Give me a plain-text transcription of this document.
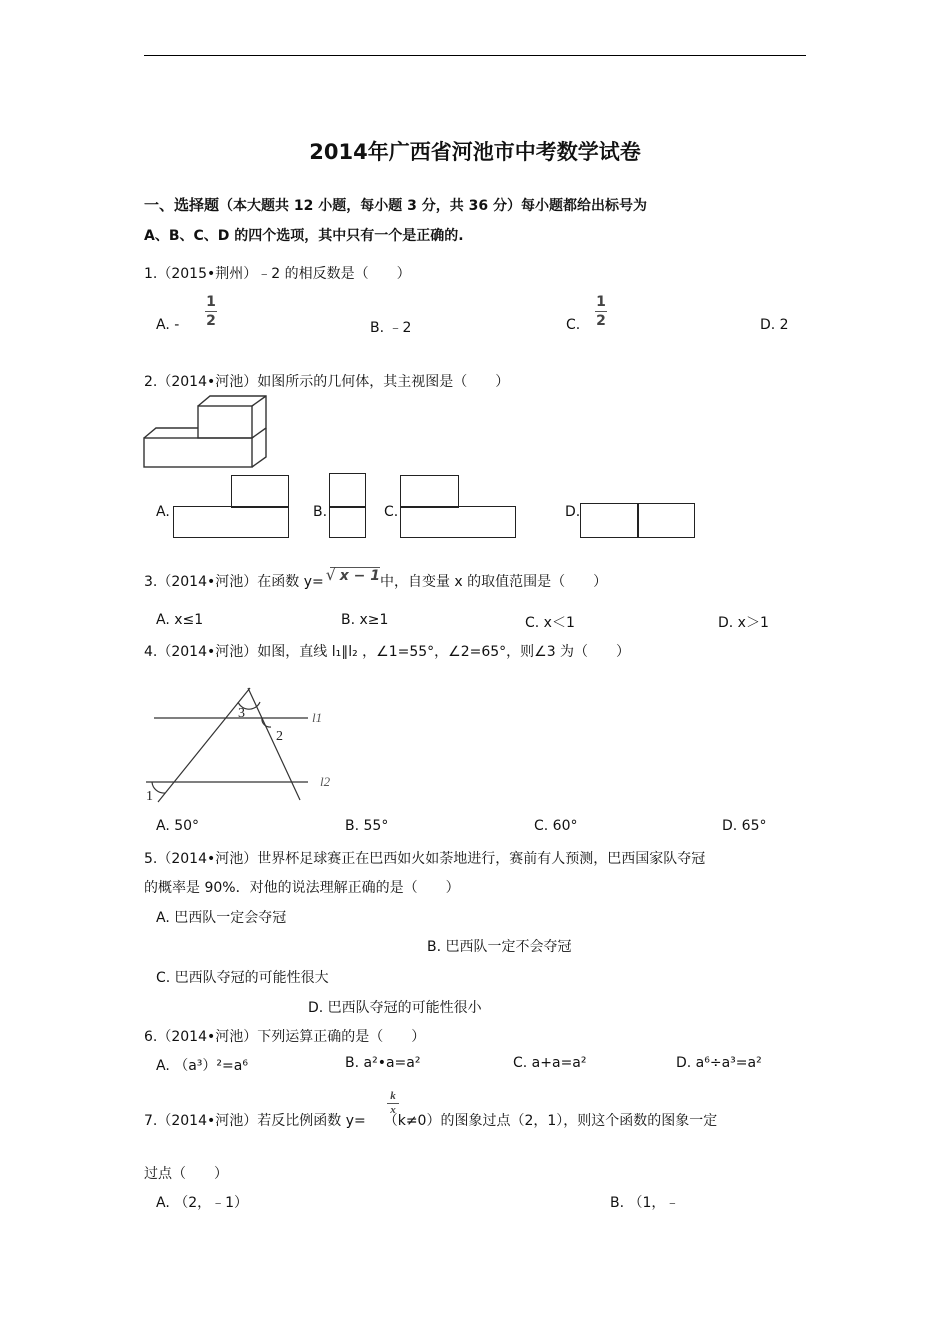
2014年广西省河池市中考数学试卷
一、选择题（本大题共 12 小题，每小题 3 分，共 36 分）每小题都给出标号为
A、B、C、D 的四个选项，其中只有一个是正确的.
1.（2015•荆州）﹣2 的相反数是（　　）
A. -
1
2	B. ﹣2	C.
1
2	D. 2
2.（2014•河池）如图所示的几何体，其主视图是（　　）
A.	B.	C.	D.
3.（2014•河池）在函数 y= √ x − 1中，自变量 x 的取值范围是（　　）
A. x≤1	B. x≥1	C. x＜1	D. x＞1
4.（2014•河池）如图，直线 l₁∥l₂ ，∠1=55°，∠2=65°，则∠3 为（　　）
3
2
1
l1
l2
A. 50°	B. 55°	C. 60°	D. 65°
5.（2014•河池）世界杯足球赛正在巴西如火如荼地进行，赛前有人预测，巴西国家队夺冠
的概率是 90%．对他的说法理解正确的是（　　）
A. 巴西队一定会夺冠
B. 巴西队一定不会夺冠
C. 巴西队夺冠的可能性很大
D. 巴西队夺冠的可能性很小
6.（2014•河池）下列运算正确的是（　　）
A. （a³）²=a⁶	B. a²•a=a²	C. a+a=a²	D. a⁶÷a³=a²
7.（2014•河池）若反比例函数 y= （k≠0）的图象过点（2，1），则这个函数的图象一定
k
x
过点（　　）
A. （2，﹣1）	B. （1，﹣
